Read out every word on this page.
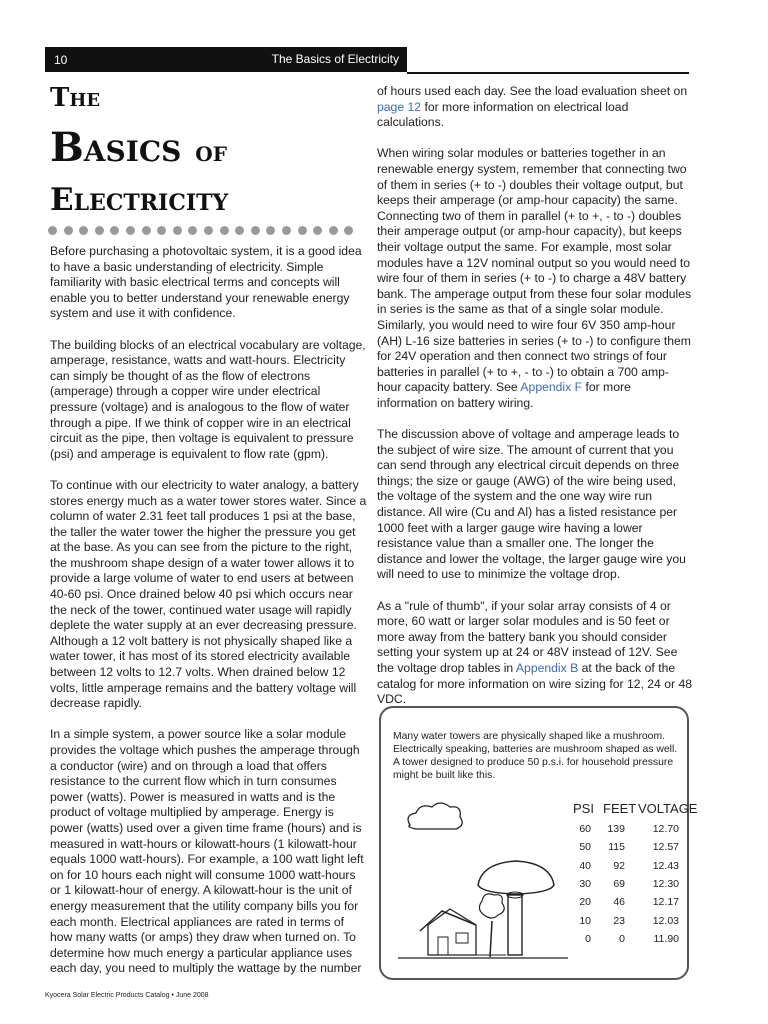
10	The Basics of Electricity
The
Basics of
Electricity

Before purchasing a photovoltaic system, it is a good idea to have a basic understanding of electricity. Simple familiarity with basic electrical terms and concepts will enable you to better understand your renewable energy system and use it with confidence.

The building blocks of an electrical vocabulary are voltage, amperage, resistance, watts and watt-hours. Electricity can simply be thought of as the flow of electrons (amperage) through a copper wire under electrical pressure (voltage) and is analogous to the flow of water through a pipe. If we think of copper wire in an electrical circuit as the pipe, then voltage is equivalent to pressure (psi) and amperage is equivalent to flow rate (gpm).

To continue with our electricity to water analogy, a battery stores energy much as a water tower stores water. Since a column of water 2.31 feet tall produces 1 psi at the base, the taller the water tower the higher the pressure you get at the base. As you can see from the picture to the right, the mushroom shape design of a water tower allows it to provide a large volume of water to end users at between 40-60 psi. Once drained below 40 psi which occurs near the neck of the tower, continued water usage will rapidly deplete the water supply at an ever decreasing pressure. Although a 12 volt battery is not physically shaped like a water tower, it has most of its stored electricity available between 12 volts to 12.7 volts. When drained below 12 volts, little amperage remains and the battery voltage will decrease rapidly.

In a simple system, a power source like a solar module provides the voltage which pushes the amperage through a conductor (wire) and on through a load that offers resistance to the current flow which in turn consumes power (watts). Power is measured in watts and is the product of voltage multiplied by amperage. Energy is power (watts) used over a given time frame (hours) and is measured in watt-hours or kilowatt-hours (1 kilowatt-hour equals 1000 watt-hours). For example, a 100 watt light left on for 10 hours each night will consume 1000 watt-hours or 1 kilowatt-hour of energy. A kilowatt-hour is the unit of energy measurement that the utility company bills you for each month. Electrical appliances are rated in terms of how many watts (or amps) they draw when turned on. To determine how much energy a particular appliance uses each day, you need to multiply the wattage by the number

of hours used each day. See the load evaluation sheet on page 12 for more information on electrical load calculations.

When wiring solar modules or batteries together in an renewable energy system, remember that connecting two of them in series (+ to -) doubles their voltage output, but keeps their amperage (or amp-hour capacity) the same. Connecting two of them in parallel (+ to +, - to -) doubles their amperage output (or amp-hour capacity), but keeps their voltage output the same. For example, most solar modules have a 12V nominal output so you would need to wire four of them in series (+ to -) to charge a 48V battery bank. The amperage output from these four solar modules in series is the same as that of a single solar module. Similarly, you would need to wire four 6V 350 amp-hour (AH) L-16 size batteries in series (+ to -) to configure them for 24V operation and then connect two strings of four batteries in parallel (+ to +, - to -) to obtain a 700 amp-hour capacity battery. See Appendix F for more information on battery wiring.

The discussion above of voltage and amperage leads to the subject of wire size. The amount of current that you can send through any electrical circuit depends on three things; the size or gauge (AWG) of the wire being used, the voltage of the system and the one way wire run distance. All wire (Cu and Al) has a listed resistance per 1000 feet with a larger gauge wire having a lower resistance value than a smaller one. The longer the distance and lower the voltage, the larger gauge wire you will need to use to minimize the voltage drop.

As a "rule of thumb", if your solar array consists of 4 or more, 60 watt or larger solar modules and is 50 feet or more away from the battery bank you should consider setting your system up at 24 or 48V instead of 12V. See the voltage drop tables in Appendix B at the back of the catalog for more information on wire sizing for 12, 24 or 48 VDC.

Many water towers are physically shaped like a mushroom. Electrically speaking, batteries are mushroom shaped as well. A tower designed to produce 50 p.s.i. for household pressure might be built like this.
PSI FEET VOLTAGE
60 139	12.70
50 115	12.57
40 92	12.43
30 69	12.30
20 46	12.17
10 23	12.03
0	0	11.90
Kyocera Solar Electric Products Catalog • June 2008
